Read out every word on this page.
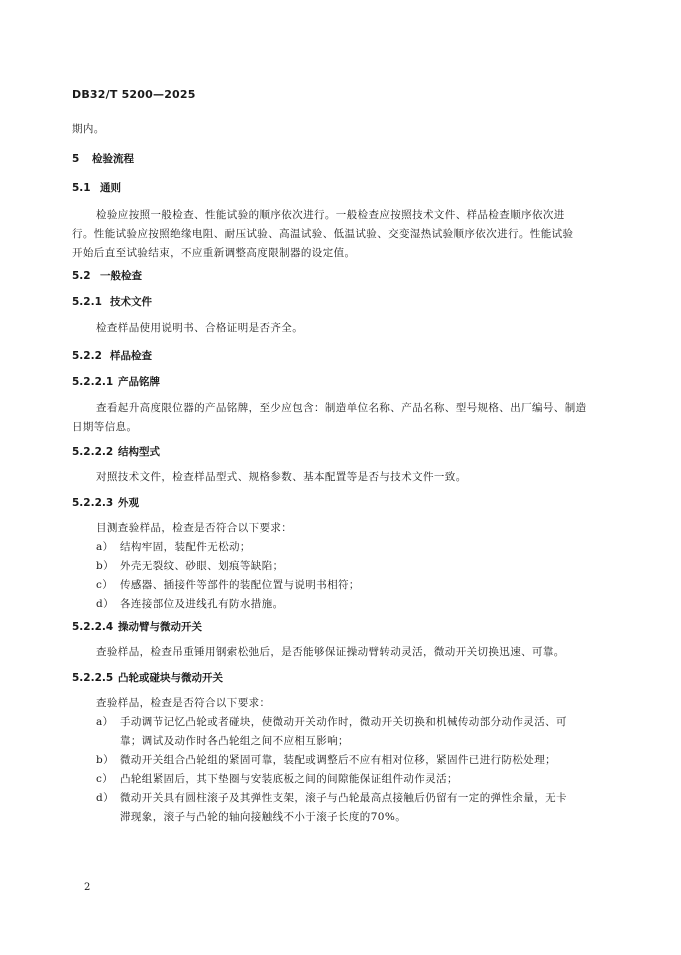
DB32/T 5200—2025
期内。
5 检验流程
5.1 通则
检验应按照一般检查、性能试验的顺序依次进行。一般检查应按照技术文件、样品检查顺序依次进
行。性能试验应按照绝缘电阻、耐压试验、高温试验、低温试验、交变湿热试验顺序依次进行。性能试验
开始后直至试验结束，不应重新调整高度限制器的设定值。
5.2 一般检查
5.2.1 技术文件
检查样品使用说明书、合格证明是否齐全。
5.2.2 样品检查
5.2.2.1 产品铭牌
查看起升高度限位器的产品铭牌，至少应包含：制造单位名称、产品名称、型号规格、出厂编号、制造
日期等信息。
5.2.2.2 结构型式
对照技术文件，检查样品型式、规格参数、基本配置等是否与技术文件一致。
5.2.2.3 外观
目测查验样品，检查是否符合以下要求：
a） 结构牢固，装配件无松动；
b） 外壳无裂纹、砂眼、划痕等缺陷；
c） 传感器、插接件等部件的装配位置与说明书相符；
d） 各连接部位及进线孔有防水措施。
5.2.2.4 操动臂与微动开关
查验样品，检查吊重锤用钢索松弛后，是否能够保证操动臂转动灵活，微动开关切换迅速、可靠。
5.2.2.5 凸轮或碰块与微动开关
查验样品，检查是否符合以下要求：
a） 手动调节记忆凸轮或者碰块，使微动开关动作时，微动开关切换和机械传动部分动作灵活、可
靠；调试及动作时各凸轮组之间不应相互影响；
b） 微动开关组合凸轮组的紧固可靠，装配或调整后不应有相对位移，紧固件已进行防松处理；
c） 凸轮组紧固后，其下垫圈与安装底板之间的间隙能保证组件动作灵活；
d） 微动开关具有圆柱滚子及其弹性支架，滚子与凸轮最高点接触后仍留有一定的弹性余量，无卡
滞现象，滚子与凸轮的轴向接触线不小于滚子长度的70%。
2
